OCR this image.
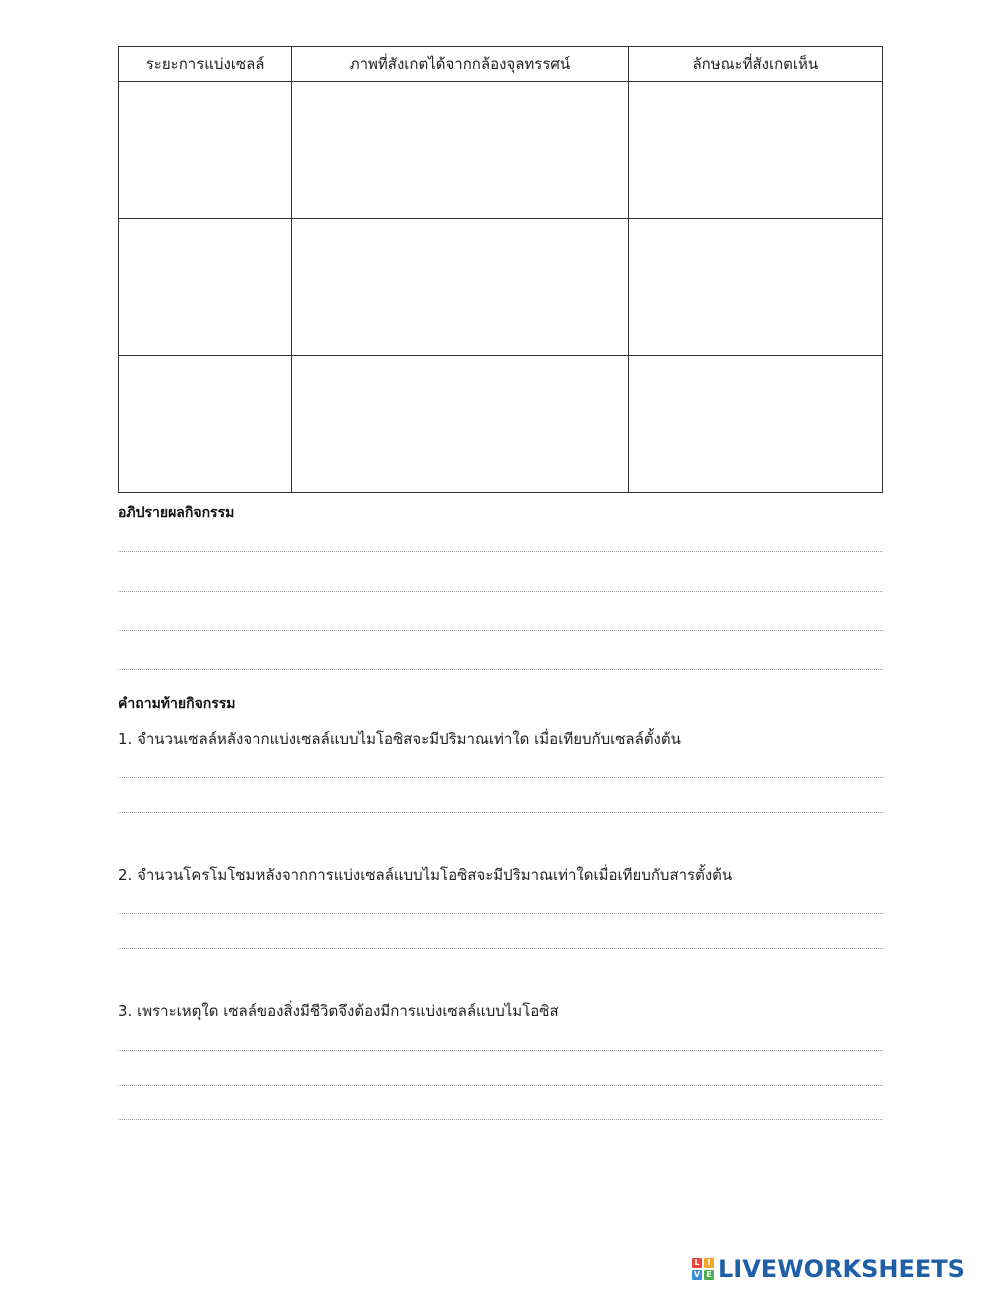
ระยะการแบ่งเซลล์	ภาพที่สังเกตได้จากกล้องจุลทรรศน์	ลักษณะที่สังเกตเห็น

อภิปรายผลกิจกรรม
คำถามท้ายกิจกรรม
1. จำนวนเซลล์หลังจากแบ่งเซลล์แบบไมโอซิสจะมีปริมาณเท่าใด เมื่อเทียบกับเซลล์ตั้งต้น
2. จำนวนโครโมโซมหลังจากการแบ่งเซลล์แบบไมโอซิสจะมีปริมาณเท่าใดเมื่อเทียบกับสารตั้งต้น
3. เพราะเหตุใด เซลล์ของสิ่งมีชีวิตจึงต้องมีการแบ่งเซลล์แบบไมโอซิส
L I
V E LIVEWORKSHEETS
